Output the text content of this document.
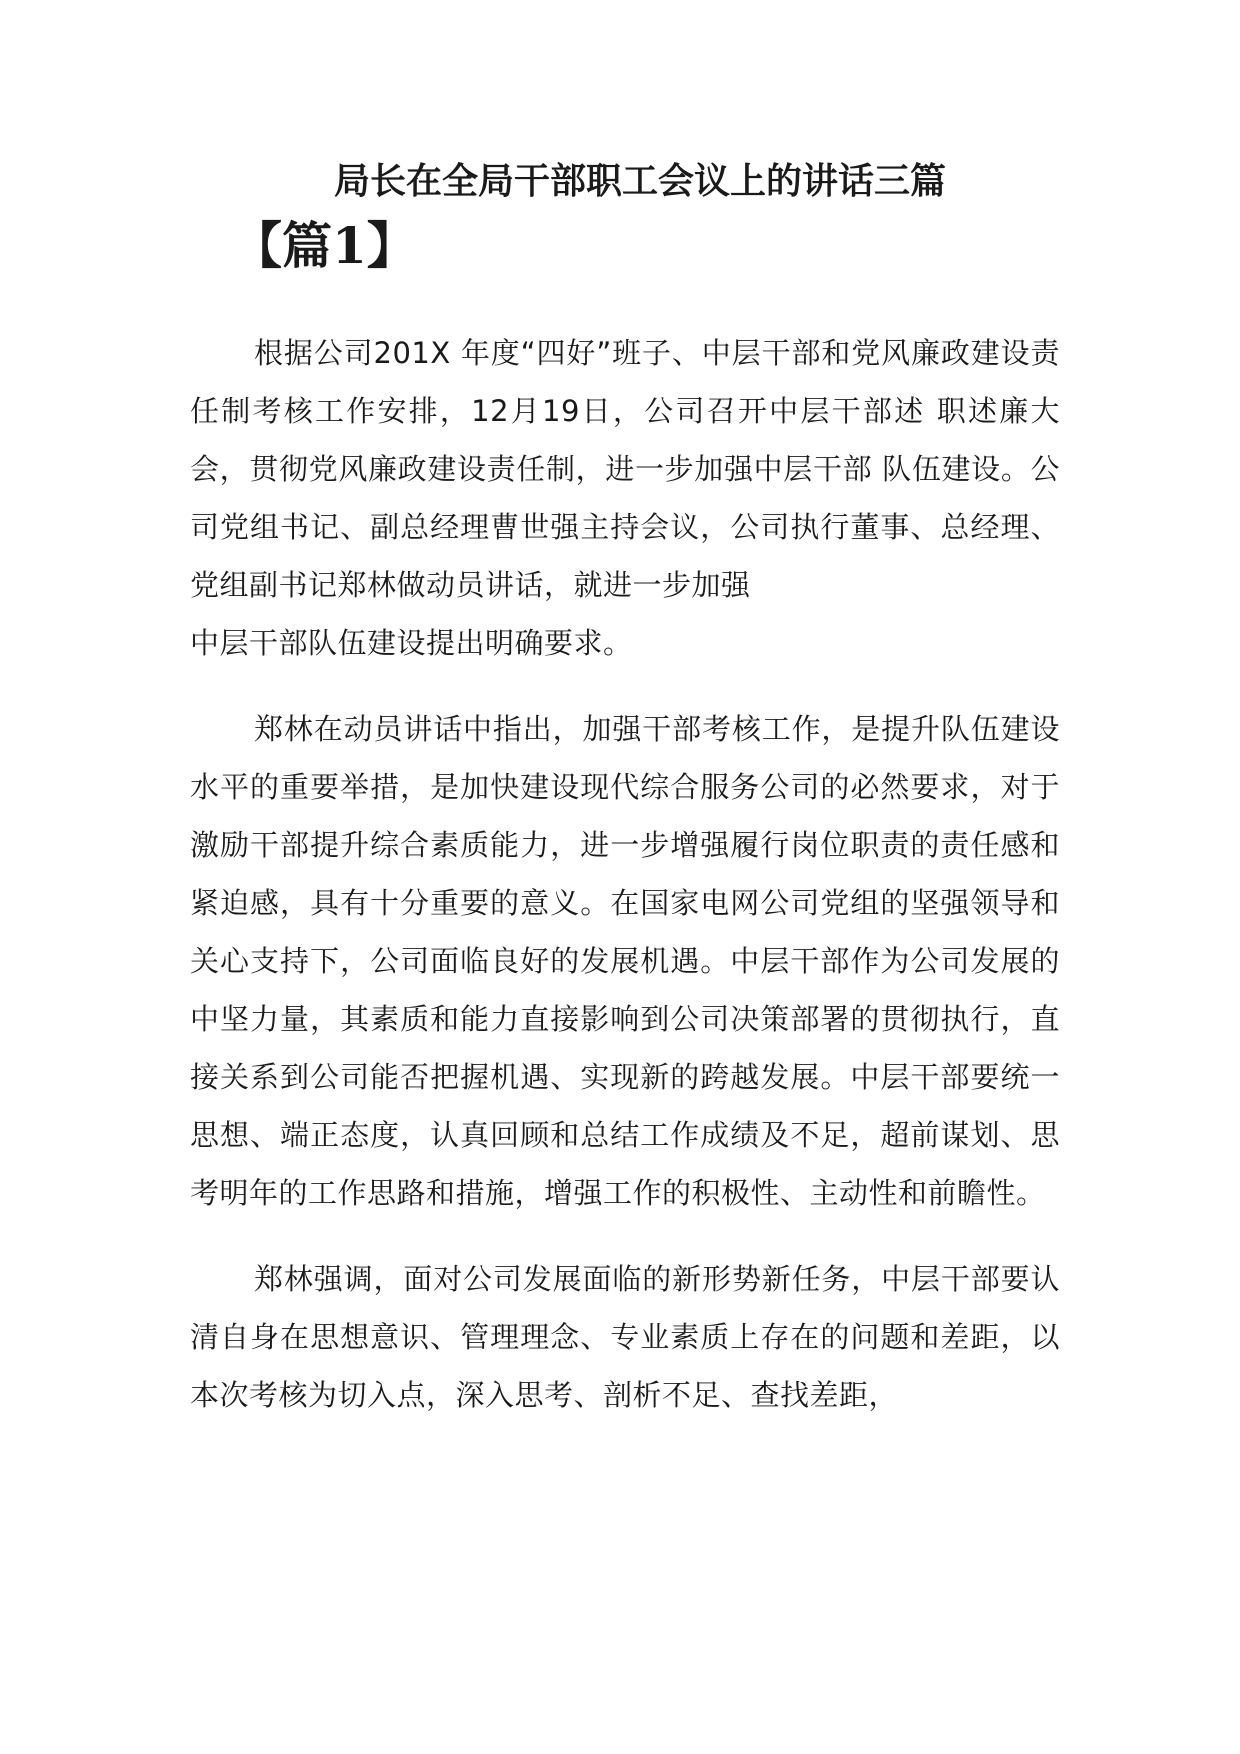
局长在全局干部职工会议上的讲话三篇
【篇1】

根据公司201X 年度“四好”班子、中层干部和党风廉政建设责任制考核工作安排，12月19日，公司召开中层干部述 职述廉大会，贯彻党风廉政建设责任制，进一步加强中层干部 队伍建设。公司党组书记、副总经理曹世强主持会议，公司执行董事、总经理、党组副书记郑林做动员讲话，就进一步加强
中层干部队伍建设提出明确要求。

郑林在动员讲话中指出，加强干部考核工作，是提升队伍建设水平的重要举措，是加快建设现代综合服务公司的必然要求，对于激励干部提升综合素质能力，进一步增强履行岗位职责的责任感和紧迫感，具有十分重要的意义。在国家电网公司党组的坚强领导和关心支持下，公司面临良好的发展机遇。中层干部作为公司发展的中坚力量，其素质和能力直接影响到公司决策部署的贯彻执行，直接关系到公司能否把握机遇、实现新的跨越发展。中层干部要统一思想、端正态度，认真回顾和总结工作成绩及不足，超前谋划、思考明年的工作思路和措施，增强工作的积极性、主动性和前瞻性。

郑林强调，面对公司发展面临的新形势新任务，中层干部要认清自身在思想意识、管理理念、专业素质上存在的问题和差距，以本次考核为切入点，深入思考、剖析不足、查找差距，
